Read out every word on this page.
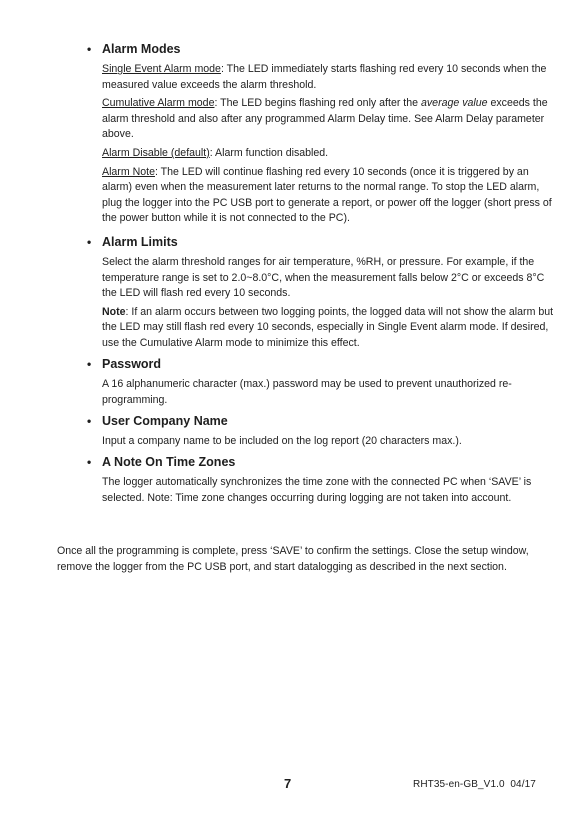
• Alarm Modes

Single Event Alarm mode: The LED immediately starts flashing red every 10 seconds when the measured value exceeds the alarm threshold.

Cumulative Alarm mode: The LED begins flashing red only after the average value exceeds the alarm threshold and also after any programmed Alarm Delay time. See Alarm Delay parameter above.

Alarm Disable (default): Alarm function disabled.

Alarm Note: The LED will continue flashing red every 10 seconds (once it is triggered by an alarm) even when the measurement later returns to the normal range. To stop the LED alarm, plug the logger into the PC USB port to generate a report, or power off the logger (short press of the power button while it is not connected to the PC).

• Alarm Limits

Select the alarm threshold ranges for air temperature, %RH, or pressure. For example, if the temperature range is set to 2.0~8.0°C, when the measurement falls below 2°C or exceeds 8°C the LED will flash red every 10 seconds.

Note: If an alarm occurs between two logging points, the logged data will not show the alarm but the LED may still flash red every 10 seconds, especially in Single Event alarm mode. If desired, use the Cumulative Alarm mode to minimize this effect.

• Password

A 16 alphanumeric character (max.) password may be used to prevent unauthorized re-programming.

• User Company Name

Input a company name to be included on the log report (20 characters max.).

• A Note On Time Zones

The logger automatically synchronizes the time zone with the connected PC when ‘SAVE’ is selected. Note: Time zone changes occurring during logging are not taken into account.

Once all the programming is complete, press ‘SAVE’ to confirm the settings. Close the setup window, remove the logger from the PC USB port, and start datalogging as described in the next section.

7	RHT35-en-GB_V1.0  04/17
